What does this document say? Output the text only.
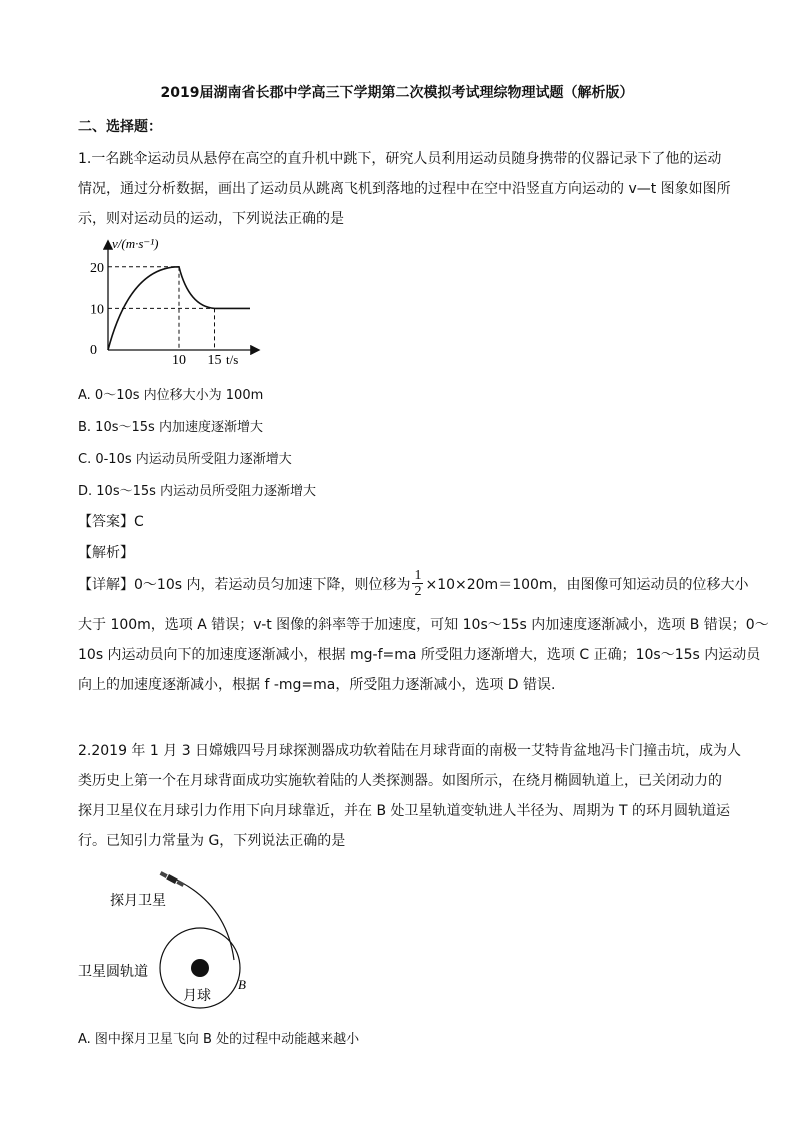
2019届湖南省长郡中学高三下学期第二次模拟考试理综物理试题（解析版）
二、选择题：
1.一名跳伞运动员从悬停在高空的直升机中跳下，研究人员利用运动员随身携带的仪器记录下了他的运动
情况，通过分析数据，画出了运动员从跳离飞机到落地的过程中在空中沿竖直方向运动的 v—t 图象如图所
示，则对运动员的运动，下列说法正确的是
v/(m·s⁻¹)
t/s
0
10 15
20
10
A. 0～10s 内位移大小为 100m
B. 10s～15s 内加速度逐渐增大
C. 0-10s 内运动员所受阻力逐渐增大
D. 10s～15s 内运动员所受阻力逐渐增大
【答案】C
【解析】
【详解】0～10s 内，若运动员匀加速下降，则位移为 $\frac{1}{2} \times 10\times 20m=100m$，由图像可知运动员的位移大小
大于 100m，选项 A 错误；v-t 图像的斜率等于加速度，可知 10s～15s 内加速度逐渐减小，选项 B 错误；0～
10s 内运动员向下的加速度逐渐减小，根据 mg-f=ma 所受阻力逐渐增大，选项 C 正确；10s～15s 内运动员
向上的加速度逐渐减小，根据 f -mg=ma，所受阻力逐渐减小，选项 D 错误.
2.2019 年 1 月 3 日嫦娥四号月球探测器成功软着陆在月球背面的南极一艾特肯盆地冯卡门撞击坑，成为人
类历史上第一个在月球背面成功实施软着陆的人类探测器。如图所示，在绕月椭圆轨道上，已关闭动力的
探月卫星仪在月球引力作用下向月球靠近，并在 B 处卫星轨道变轨进人半径为、周期为 T 的环月圆轨道运
行。已知引力常量为 G，下列说法正确的是
探月卫星
卫星圆轨道
月球
B
A. 图中探月卫星飞向 B 处的过程中动能越来越小
